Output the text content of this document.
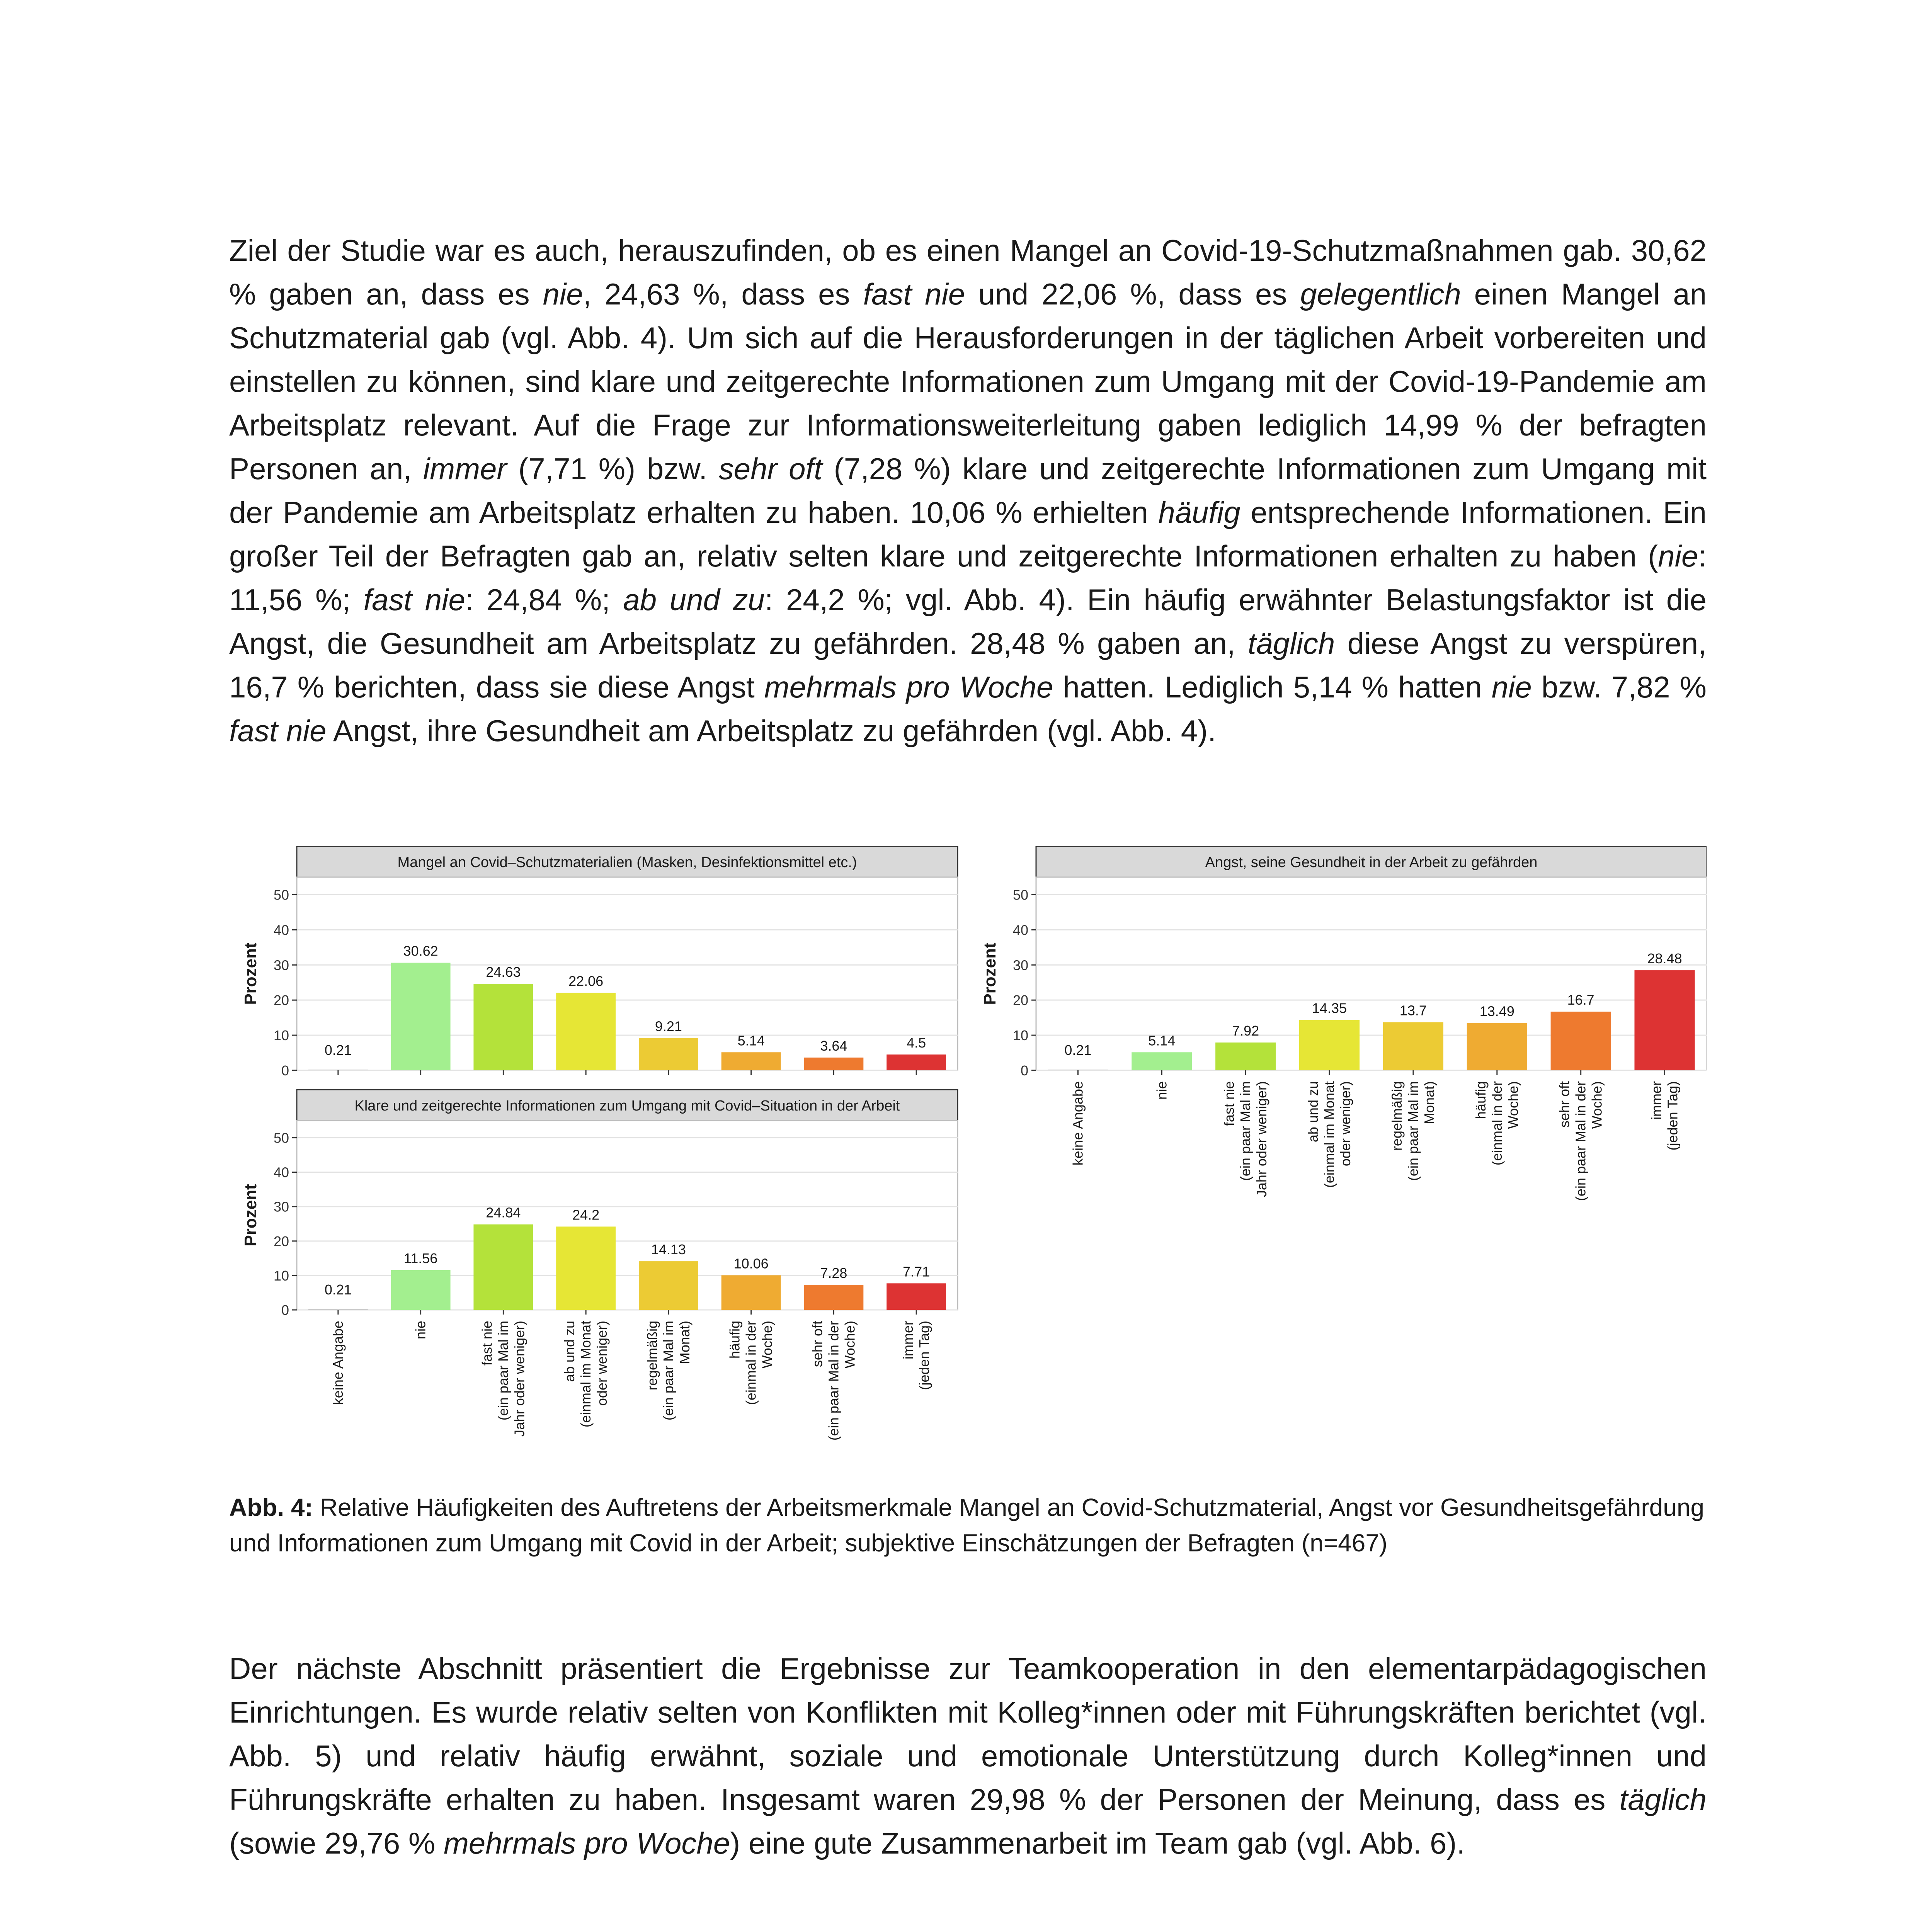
Ziel der Studie war es auch, herauszufinden, ob es einen Mangel an Covid-19-Schutzmaßnahmen gab. 30,62 % gaben an, dass es nie, 24,63 %, dass es fast nie und 22,06 %, dass es gelegentlich einen Mangel an Schutzmaterial gab (vgl. Abb. 4). Um sich auf die Herausforderungen in der täglichen Arbeit vorbereiten und einstellen zu können, sind klare und zeitgerechte Informationen zum Umgang mit der Covid-19-Pandemie am Arbeitsplatz relevant. Auf die Frage zur Informationsweiterleitung gaben lediglich 14,99 % der befragten Personen an, immer (7,71 %) bzw. sehr oft (7,28 %) klare und zeitgerechte Informationen zum Umgang mit der Pandemie am Arbeitsplatz erhalten zu haben. 10,06 % erhielten häufig entsprechende Informationen. Ein großer Teil der Befragten gab an, relativ selten klare und zeitgerechte Informationen erhalten zu haben (nie: 11,56 %; fast nie: 24,84 %; ab und zu: 24,2 %; vgl. Abb. 4). Ein häufig erwähnter Belastungsfaktor ist die Angst, die Gesundheit am Arbeitsplatz zu gefährden. 28,48 % gaben an, täglich diese Angst zu verspüren, 16,7 % berichten, dass sie diese Angst mehrmals pro Woche hatten. Lediglich 5,14 % hatten nie bzw. 7,82 % fast nie Angst, ihre Gesundheit am Arbeitsplatz zu gefährden (vgl. Abb. 4).

Mangel an Covid–Schutzmaterialien (Masken, Desinfektionsmittel etc.)
0
10
20
30
40
50
Prozent
0.21
30.62
24.63
22.06
9.21
5.14	3.64	4.5
Klare und zeitgerechte Informationen zum Umgang mit Covid–Situation in der Arbeit
0
10
20
30
40
50
Prozent
0.21
keine Angabe
11.56
nie
24.84
fast nie (ein paar Mal im Jahr oder weniger)
24.2
ab und zu (einmal im Monat oder weniger)
14.13
regelmäßig (ein paar Mal im Monat)
10.06
häufig (einmal in der Woche)
7.28
sehr oft (ein paar Mal in der Woche)
7.71
immer (jeden Tag)
Angst, seine Gesundheit in der Arbeit zu gefährden
0
10
20
30
40
50
Prozent
0.21
keine Angabe
5.14
nie
7.92
fast nie (ein paar Mal im Jahr oder weniger)
14.35
ab und zu (einmal im Monat oder weniger)
13.7
regelmäßig (ein paar Mal im Monat)
13.49
häufig (einmal in der Woche)
16.7
sehr oft (ein paar Mal in der Woche)
28.48
immer (jeden Tag)

Abb. 4: Relative Häufigkeiten des Auftretens der Arbeitsmerkmale Mangel an Covid-Schutzmaterial, Angst vor Gesundheitsgefährdung und Informationen zum Umgang mit Covid in der Arbeit; subjektive Einschätzungen der Befragten (n=467)

Der nächste Abschnitt präsentiert die Ergebnisse zur Teamkooperation in den elementarpädagogischen Einrichtungen. Es wurde relativ selten von Konflikten mit Kolleg*innen oder mit Führungskräften berichtet (vgl. Abb. 5) und relativ häufig erwähnt, soziale und emotionale Unterstützung durch Kolleg*innen und Führungskräfte erhalten zu haben. Insgesamt waren 29,98 % der Personen der Meinung, dass es täglich (sowie 29,76 % mehrmals pro Woche) eine gute Zusammenarbeit im Team gab (vgl. Abb. 6).
